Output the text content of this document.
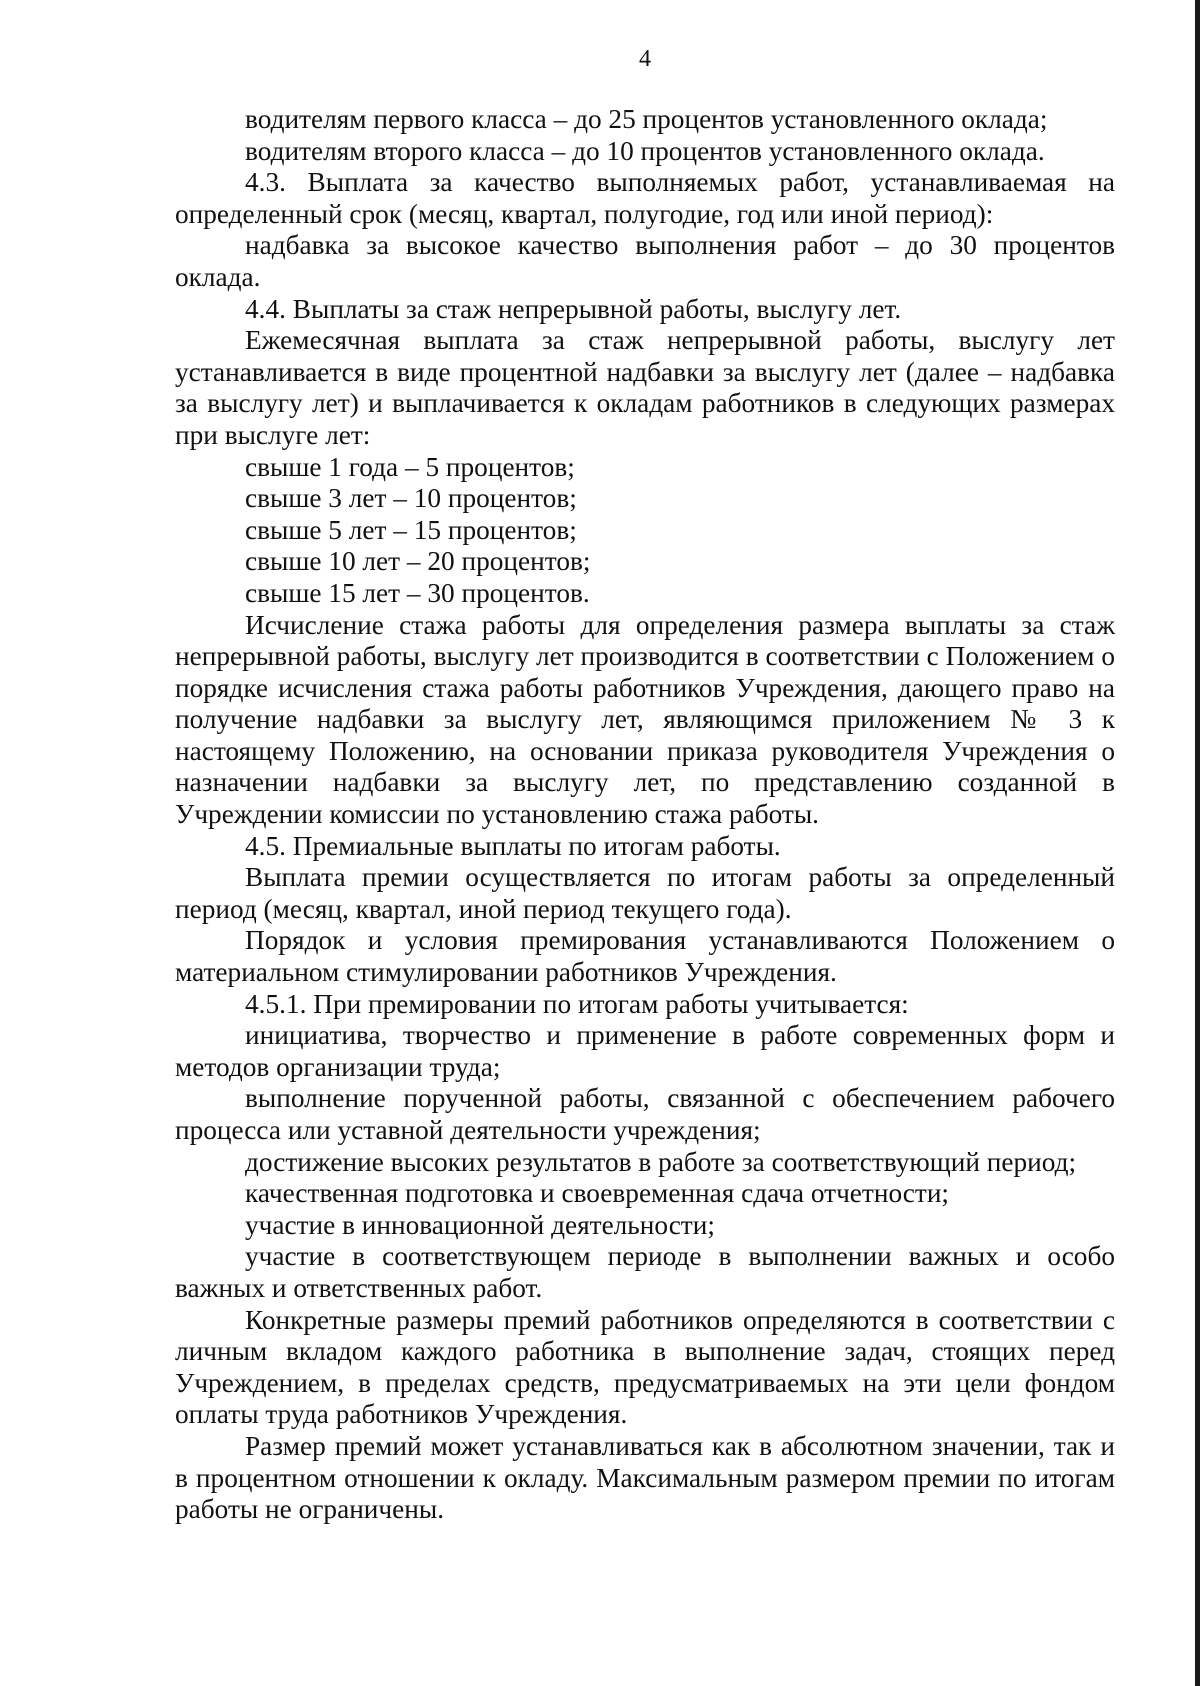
4

водителям первого класса – до 25 процентов установленного оклада;

водителям второго класса – до 10 процентов установленного оклада.

4.3. Выплата за качество выполняемых работ, устанавливаемая на определенный срок (месяц, квартал, полугодие, год или иной период):

надбавка за высокое качество выполнения работ – до 30 процентов оклада.

4.4. Выплаты за стаж непрерывной работы, выслугу лет.

Ежемесячная выплата за стаж непрерывной работы, выслугу лет устанавливается в виде процентной надбавки за выслугу лет (далее – надбавка за выслугу лет) и выплачивается к окладам работников в следующих размерах при выслуге лет:

свыше 1 года – 5 процентов;

свыше 3 лет – 10 процентов;

свыше 5 лет – 15 процентов;

свыше 10 лет – 20 процентов;

свыше 15 лет – 30 процентов.

Исчисление стажа работы для определения размера выплаты за стаж непрерывной работы, выслугу лет производится в соответствии с Положением о порядке исчисления стажа работы работников Учреждения, дающего право на получение надбавки за выслугу лет, являющимся приложением № 3 к настоящему Положению, на основании приказа руководителя Учреждения о назначении надбавки за выслугу лет, по представлению созданной в Учреждении комиссии по установлению стажа работы.

4.5. Премиальные выплаты по итогам работы.

Выплата премии осуществляется по итогам работы за определенный период (месяц, квартал, иной период текущего года).

Порядок и условия премирования устанавливаются Положением о материальном стимулировании работников Учреждения.

4.5.1. При премировании по итогам работы учитывается:

инициатива, творчество и применение в работе современных форм и методов организации труда;

выполнение порученной работы, связанной с обеспечением рабочего процесса или уставной деятельности учреждения;

достижение высоких результатов в работе за соответствующий период;

качественная подготовка и своевременная сдача отчетности;

участие в инновационной деятельности;

участие в соответствующем периоде в выполнении важных и особо важных и ответственных работ.

Конкретные размеры премий работников определяются в соответствии с личным вкладом каждого работника в выполнение задач, стоящих перед Учреждением, в пределах средств, предусматриваемых на эти цели фондом оплаты труда работников Учреждения.

Размер премий может устанавливаться как в абсолютном значении, так и в процентном отношении к окладу. Максимальным размером премии по итогам работы не ограничены.
